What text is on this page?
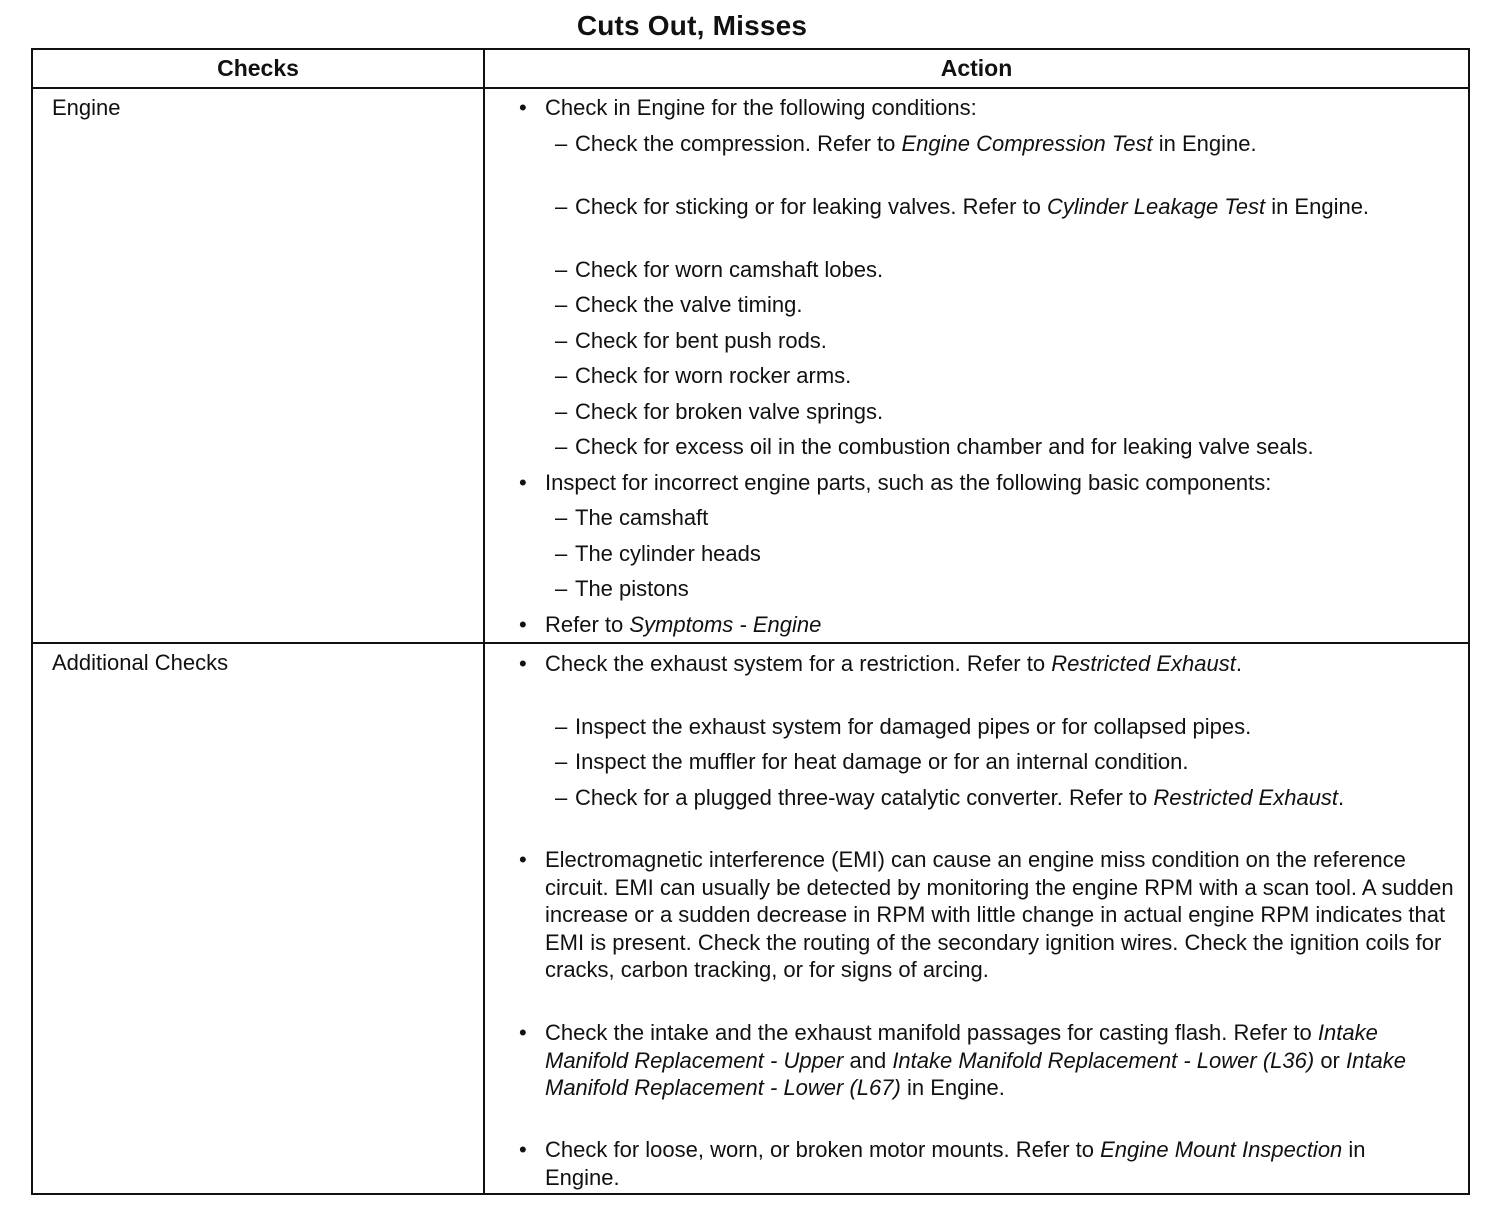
Cuts Out, Misses
Checks	Action
Engine
Additional Checks
• Check in Engine for the following conditions:
– Check the compression. Refer to Engine Compression Test in Engine.
– Check for sticking or for leaking valves. Refer to Cylinder Leakage Test in Engine.
– Check for worn camshaft lobes.
– Check the valve timing.
– Check for bent push rods.
– Check for worn rocker arms.
– Check for broken valve springs.
– Check for excess oil in the combustion chamber and for leaking valve seals.
• Inspect for incorrect engine parts, such as the following basic components:
– The camshaft
– The cylinder heads
– The pistons
• Refer to Symptoms - Engine
• Check the exhaust system for a restriction. Refer to Restricted Exhaust.
– Inspect the exhaust system for damaged pipes or for collapsed pipes.
– Inspect the muffler for heat damage or for an internal condition.
– Check for a plugged three-way catalytic converter. Refer to Restricted Exhaust.
• Electromagnetic interference (EMI) can cause an engine miss condition on the reference circuit. EMI can usually be detected by monitoring the engine RPM with a scan tool. A sudden increase or a sudden decrease in RPM with little change in actual engine RPM indicates that EMI is present. Check the routing of the secondary ignition wires. Check the ignition coils for cracks, carbon tracking, or for signs of arcing.
• Check the intake and the exhaust manifold passages for casting flash. Refer to Intake Manifold Replacement - Upper and Intake Manifold Replacement - Lower (L36) or Intake Manifold Replacement - Lower (L67) in Engine.
• Check for loose, worn, or broken motor mounts. Refer to Engine Mount Inspection in Engine.
